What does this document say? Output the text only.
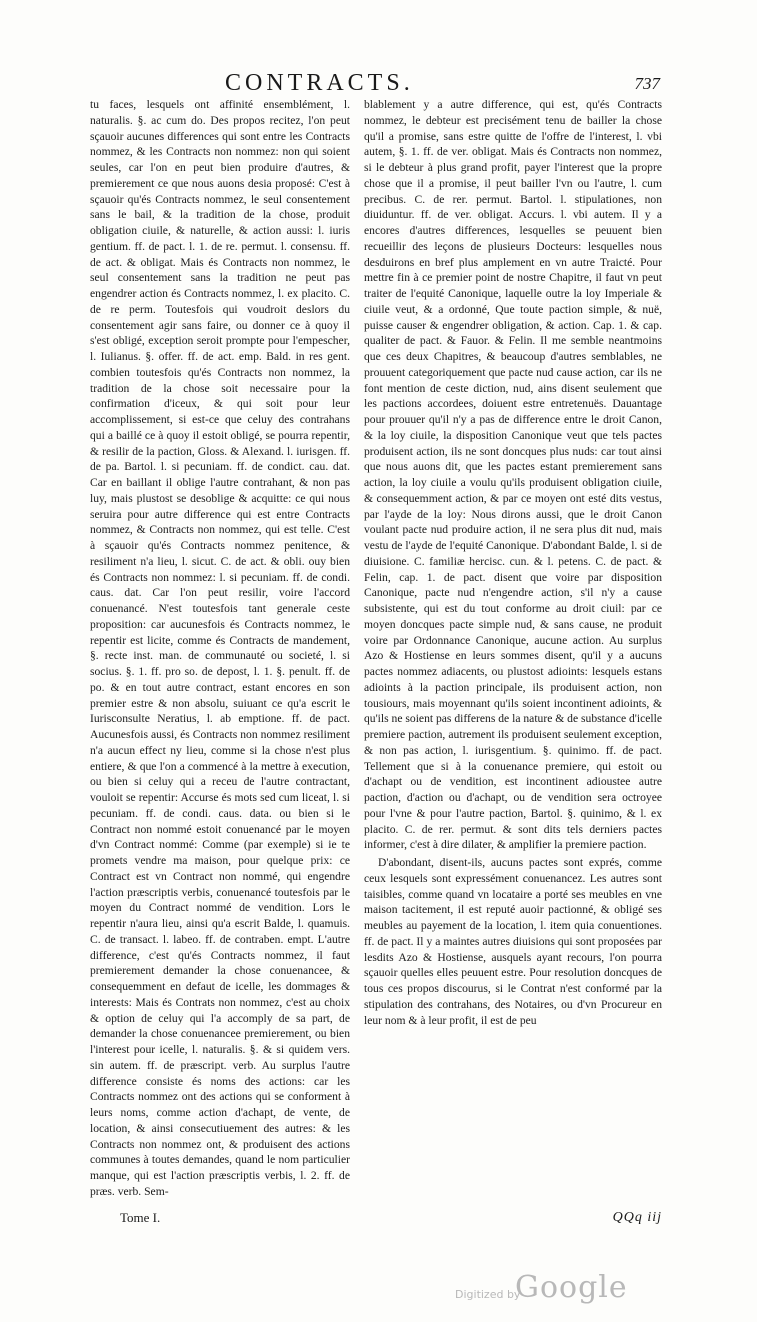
CONTRACTS.	737

tu faces, lesquels ont affinité ensemblément, l. naturalis. §. ac cum do. Des propos recitez, l'on peut sçauoir aucunes differences qui sont entre les Contracts nommez, & les Contracts non nommez: non qui soient seules, car l'on en peut bien produire d'autres, & premierement ce que nous auons desia proposé: C'est à sçauoir qu'és Contracts nommez, le seul consentement sans le bail, & la tradition de la chose, produit obligation ciuile, & naturelle, & action aussi: l. iuris gentium. ff. de pact. l. 1. de re. permut. l. consensu. ff. de act. & obligat. Mais és Contracts non nommez, le seul consentement sans la tradition ne peut pas engendrer action és Contracts nommez, l. ex placito. C. de re perm. Toutesfois qui voudroit deslors du consentement agir sans faire, ou donner ce à quoy il s'est obligé, exception seroit prompte pour l'empescher, l. Iulianus. §. offer. ff. de act. emp. Bald. in res gent. combien toutesfois qu'és Contracts non nommez, la tradition de la chose soit necessaire pour la confirmation d'iceux, & qui soit pour leur accomplissement, si est-ce que celuy des contrahans qui a baillé ce à quoy il estoit obligé, se pourra repentir, & resilir de la paction, Gloss. & Alexand. l. iurisgen. ff. de pa. Bartol. l. si pecuniam. ff. de condict. cau. dat. Car en baillant il oblige l'autre contrahant, & non pas luy, mais plustost se desoblige & acquitte: ce qui nous seruira pour autre difference qui est entre Contracts nommez, & Contracts non nommez, qui est telle. C'est à sçauoir qu'és Contracts nommez penitence, & resiliment n'a lieu, l. sicut. C. de act. & obli. ouy bien és Contracts non nommez: l. si pecuniam. ff. de condi. caus. dat. Car l'on peut resilir, voire l'accord conuenancé. N'est toutesfois tant generale ceste proposition: car aucunesfois és Contracts nommez, le repentir est licite, comme és Contracts de mandement, §. recte inst. man. de communauté ou societé, l. si socius. §. 1. ff. pro so. de depost, l. 1. §. penult. ff. de po. & en tout autre contract, estant encores en son premier estre & non absolu, suiuant ce qu'a escrit le Iurisconsulte Neratius, l. ab emptione. ff. de pact. Aucunesfois aussi, és Contracts non nommez resiliment n'a aucun effect ny lieu, comme si la chose n'est plus entiere, & que l'on a commencé à la mettre à execution, ou bien si celuy qui a receu de l'autre contractant, vouloit se repentir: Accurse és mots sed cum liceat, l. si pecuniam. ff. de condi. caus. data. ou bien si le Contract non nommé estoit conuenancé par le moyen d'vn Contract nommé: Comme (par exemple) si ie te promets vendre ma maison, pour quelque prix: ce Contract est vn Contract non nommé, qui engendre l'action præscriptis verbis, conuenancé toutesfois par le moyen du Contract nommé de vendition. Lors le repentir n'aura lieu, ainsi qu'a escrit Balde, l. quamuis. C. de transact. l. labeo. ff. de contraben. empt. L'autre difference, c'est qu'és Contracts nommez, il faut premierement demander la chose conuenancee, & consequemment en defaut de icelle, les dommages & interests: Mais és Contrats non nommez, c'est au choix & option de celuy qui l'a accomply de sa part, de demander la chose conuenancee premierement, ou bien l'interest pour icelle, l. naturalis. §. & si quidem vers. sin autem. ff. de præscript. verb. Au surplus l'autre difference consiste és noms des actions: car les Contracts nommez ont des actions qui se conforment à leurs noms, comme action d'achapt, de vente, de location, & ainsi consecutiuement des autres: & les Contracts non nommez ont, & produisent des actions communes à toutes demandes, quand le nom particulier manque, qui est l'action præscriptis verbis, l. 2. ff. de præs. verb. Sem-

blablement y a autre difference, qui est, qu'és Contracts nommez, le debteur est precisément tenu de bailler la chose qu'il a promise, sans estre quitte de l'offre de l'interest, l. vbi autem, §. 1. ff. de ver. obligat. Mais és Contracts non nommez, si le debteur à plus grand profit, payer l'interest que la propre chose que il a promise, il peut bailler l'vn ou l'autre, l. cum precibus. C. de rer. permut. Bartol. l. stipulationes, non diuiduntur. ff. de ver. obligat. Accurs. l. vbi autem. Il y a encores d'autres differences, lesquelles se peuuent bien recueillir des leçons de plusieurs Docteurs: lesquelles nous desduirons en bref plus amplement en vn autre Traicté. Pour mettre fin à ce premier point de nostre Chapitre, il faut vn peut traiter de l'equité Canonique, laquelle outre la loy Imperiale & ciuile veut, & a ordonné, Que toute paction simple, & nuë, puisse causer & engendrer obligation, & action. Cap. 1. & cap. qualiter de pact. & Fauor. & Felin. Il me semble neantmoins que ces deux Chapitres, & beaucoup d'autres semblables, ne prouuent categoriquement que pacte nud cause action, car ils ne font mention de ceste diction, nud, ains disent seulement que les pactions accordees, doiuent estre entretenuës. Dauantage pour prouuer qu'il n'y a pas de difference entre le droit Canon, & la loy ciuile, la disposition Canonique veut que tels pactes produisent action, ils ne sont doncques plus nuds: car tout ainsi que nous auons dit, que les pactes estant premierement sans action, la loy ciuile a voulu qu'ils produisent obligation ciuile, & consequemment action, & par ce moyen ont esté dits vestus, par l'ayde de la loy: Nous dirons aussi, que le droit Canon voulant pacte nud produire action, il ne sera plus dit nud, mais vestu de l'ayde de l'equité Canonique. D'abondant Balde, l. si de diuisione. C. familiæ hercisc. cun. & l. petens. C. de pact. & Felin, cap. 1. de pact. disent que voire par disposition Canonique, pacte nud n'engendre action, s'il n'y a cause subsistente, qui est du tout conforme au droit ciuil: par ce moyen doncques pacte simple nud, & sans cause, ne produit voire par Ordonnance Canonique, aucune action. Au surplus Azo & Hostiense en leurs sommes disent, qu'il y a aucuns pactes nommez adiacents, ou plustost adioints: lesquels estans adioints à la paction principale, ils produisent action, non tousiours, mais moyennant qu'ils soient incontinent adioints, & qu'ils ne soient pas differens de la nature & de substance d'icelle premiere paction, autrement ils produisent seulement exception, & non pas action, l. iurisgentium. §. quinimo. ff. de pact. Tellement que si à la conuenance premiere, qui estoit ou d'achapt ou de vendition, est incontinent adioustee autre paction, d'action ou d'achapt, ou de vendition sera octroyee pour l'vne & pour l'autre paction, Bartol. §. quinimo, & l. ex placito. C. de rer. permut. & sont dits tels derniers pactes informer, c'est à dire dilater, & amplifier la premiere paction.

D'abondant, disent-ils, aucuns pactes sont exprés, comme ceux lesquels sont expressément conuenancez. Les autres sont taisibles, comme quand vn locataire a porté ses meubles en vne maison tacitement, il est reputé auoir pactionné, & obligé ses meubles au payement de la location, l. item quia conuentiones. ff. de pact. Il y a maintes autres diuisions qui sont proposées par lesdits Azo & Hostiense, ausquels ayant recours, l'on pourra sçauoir quelles elles peuuent estre. Pour resolution doncques de tous ces propos discourus, si le Contrat n'est conformé par la stipulation des contrahans, des Notaires, ou d'vn Procureur en leur nom & à leur profit, il est de peu

Tome I.	QQq iij
Digitized by
Google
